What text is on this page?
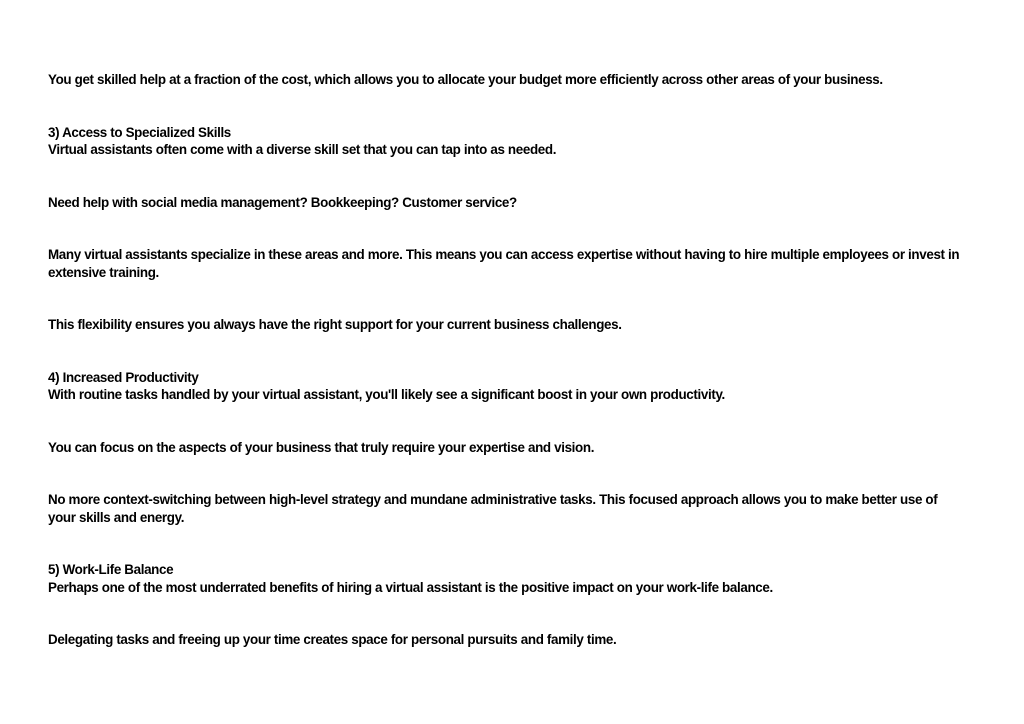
You get skilled help at a fraction of the cost, which allows you to allocate your budget more efficiently across other areas of your business.

3) Access to Specialized Skills

Virtual assistants often come with a diverse skill set that you can tap into as needed.

Need help with social media management? Bookkeeping? Customer service?

Many virtual assistants specialize in these areas and more. This means you can access expertise without having to hire multiple employees or invest in extensive training.

This flexibility ensures you always have the right support for your current business challenges.

4) Increased Productivity

With routine tasks handled by your virtual assistant, you'll likely see a significant boost in your own productivity.

You can focus on the aspects of your business that truly require your expertise and vision.

No more context-switching between high-level strategy and mundane administrative tasks. This focused approach allows you to make better use of your skills and energy.

5) Work-Life Balance

Perhaps one of the most underrated benefits of hiring a virtual assistant is the positive impact on your work-life balance.

Delegating tasks and freeing up your time creates space for personal pursuits and family time.
